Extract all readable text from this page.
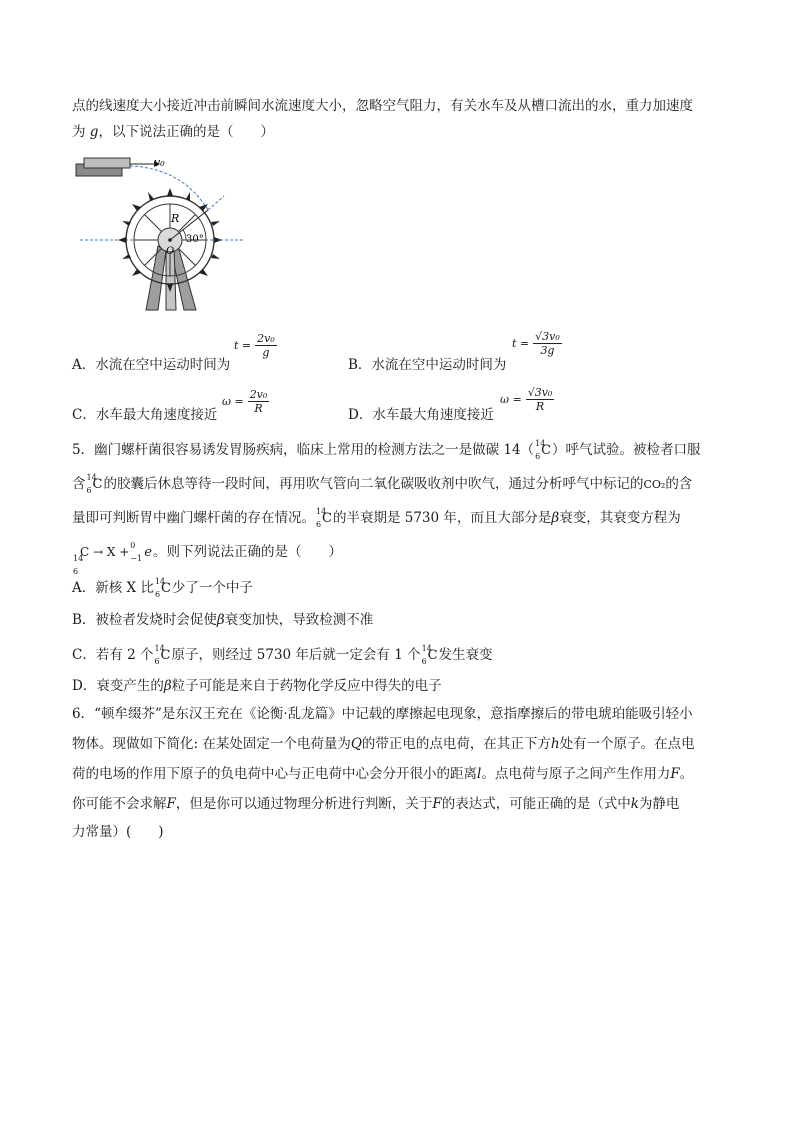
点的线速度大小接近冲击前瞬间水流速度大小，忽略空气阻力，有关水车及从槽口流出的水，重力加速度
为 g，以下说法正确的是（　　）
v₀
R
30°
O
A．水流在空中运动时间为
$t = \frac{\text{2v₀}}{g}$
B．水流在空中运动时间为
$t = \frac{\text{√3v₀}}{3g}$
C．水车最大角速度接近
$\omega = \frac{\text{2v₀}}{R}$	D．水车最大角速度接近
$\omega = \frac{\text{√3v₀}}{R}$
5．幽门螺杆菌很容易诱发胃肠疾病，临床上常用的检测方法之一是做碳 14（ 14
6 C）呼气试验。被检者口服
含 14
6 C的胶囊后休息等待一段时间，再用吹气管向二氧化碳吸收剂中吹气，通过分析呼气中标记的CO₂的含
量即可判断胃中幽门螺杆菌的存在情况。 14
6 C的半衰期是 5730 年，而且大部分是β衰变，其衰变方程为
14
6
C → X + 0
−1 e。则下列说法正确的是（　　）
A．新核 X 比 14
6 C少了一个中子
B．被检者发烧时会促使β衰变加快，导致检测不准
C．若有 2 个 14
6 C原子，则经过 5730 年后就一定会有 1 个 14
6 C发生衰变
D．衰变产生的β粒子可能是来自于药物化学反应中得失的电子
6．“顿牟缀芥”是东汉王充在《论衡·乱龙篇》中记载的摩擦起电现象，意指摩擦后的带电琥珀能吸引轻小
物体。现做如下简化: 在某处固定一个电荷量为Q的带正电的点电荷，在其正下方h处有一个原子。在点电
荷的电场的作用下原子的负电荷中心与正电荷中心会分开很小的距离l。点电荷与原子之间产生作用力F。
你可能不会求解F，但是你可以通过物理分析进行判断，关于F的表达式，可能正确的是（式中k为静电
力常量）(　　)
